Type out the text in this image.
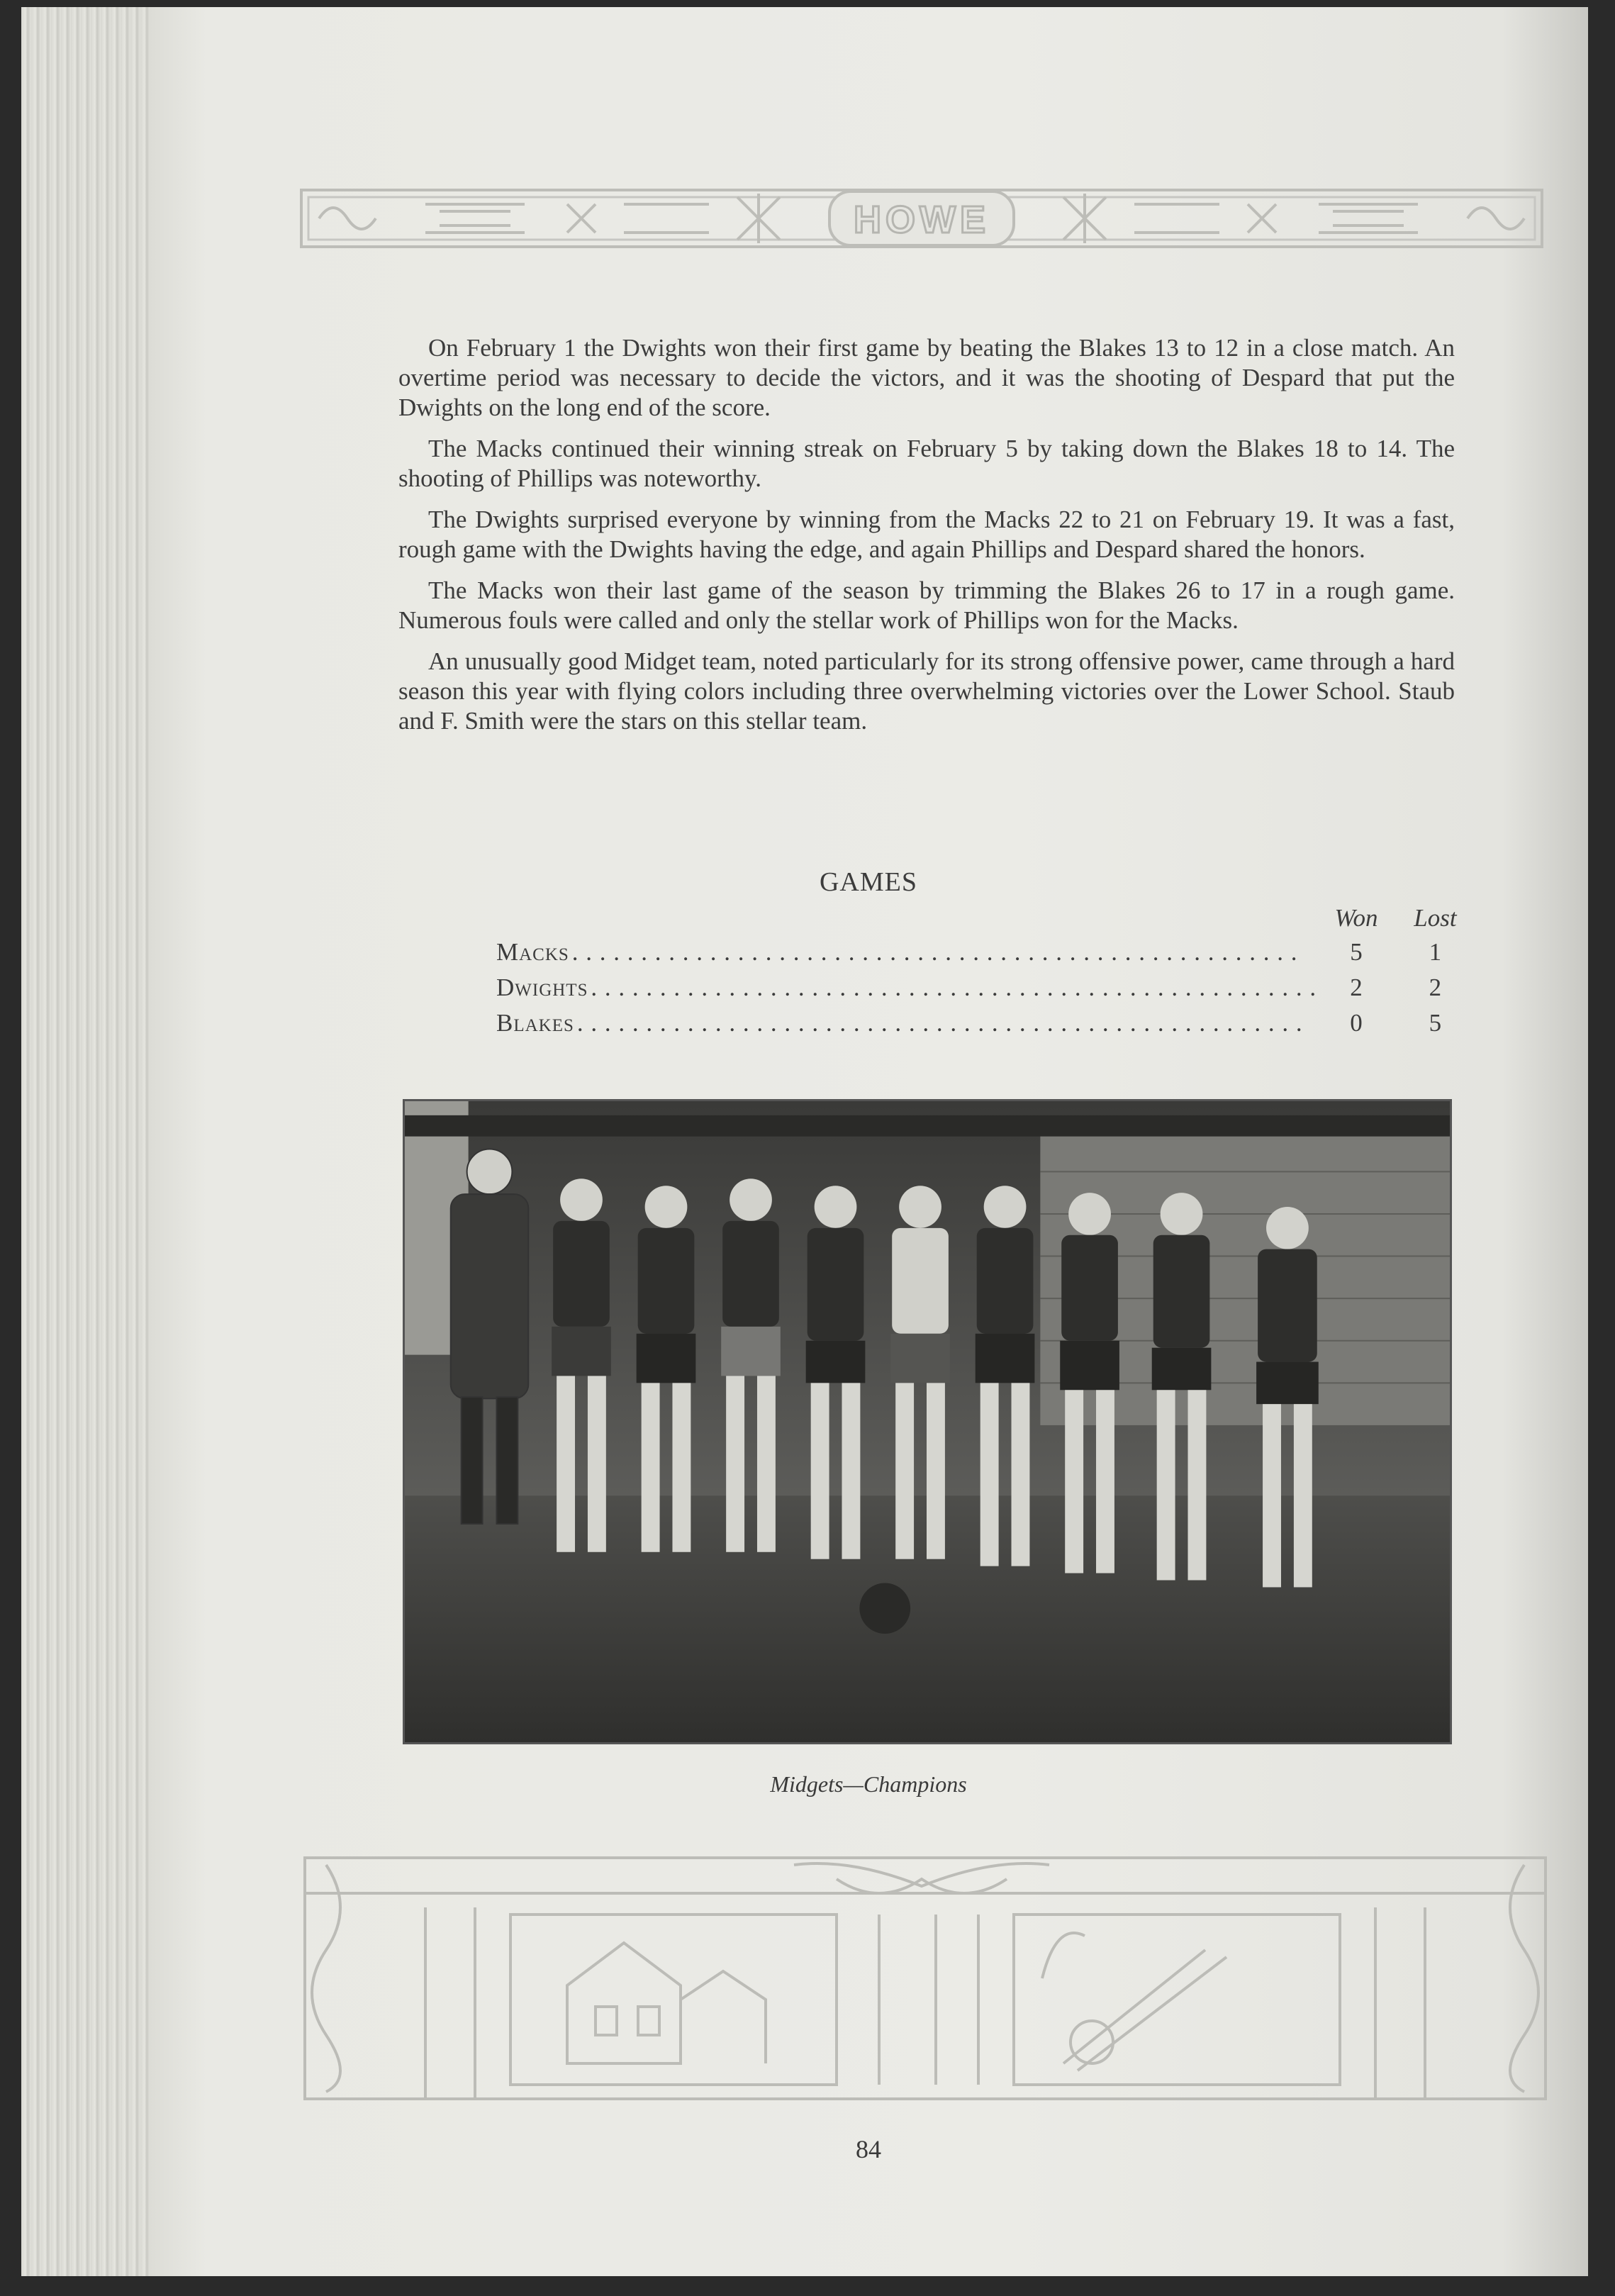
HOWE

On February 1 the Dwights won their first game by beating the Blakes 13 to 12 in a close match. An overtime period was necessary to decide the victors, and it was the shooting of Despard that put the Dwights on the long end of the score.

The Macks continued their winning streak on February 5 by taking down the Blakes 18 to 14. The shooting of Phillips was noteworthy.

The Dwights surprised everyone by winning from the Macks 22 to 21 on February 19. It was a fast, rough game with the Dwights having the edge, and again Phillips and Despard shared the honors.

The Macks won their last game of the season by trimming the Blakes 26 to 17 in a rough game. Numerous fouls were called and only the stellar work of Phillips won for the Macks.

An unusually good Midget team, noted particularly for its strong offensive power, came through a hard season this year with flying colors including three overwhelming victories over the Lower School. Staub and F. Smith were the stars on this stellar team.

GAMES
	Won	Lost
Macks . . . . . . . . . . . . . . . . . . . . . . . . . . . . . . . . . . . . . . . . . . . . . . . . . . . . .	5	1
Dwights . . . . . . . . . . . . . . . . . . . . . . . . . . . . . . . . . . . . . . . . . . . . . . . . . . . . .	2	2
Blakes . . . . . . . . . . . . . . . . . . . . . . . . . . . . . . . . . . . . . . . . . . . . . . . . . . . . .	0	5
Midgets—Champions
84
